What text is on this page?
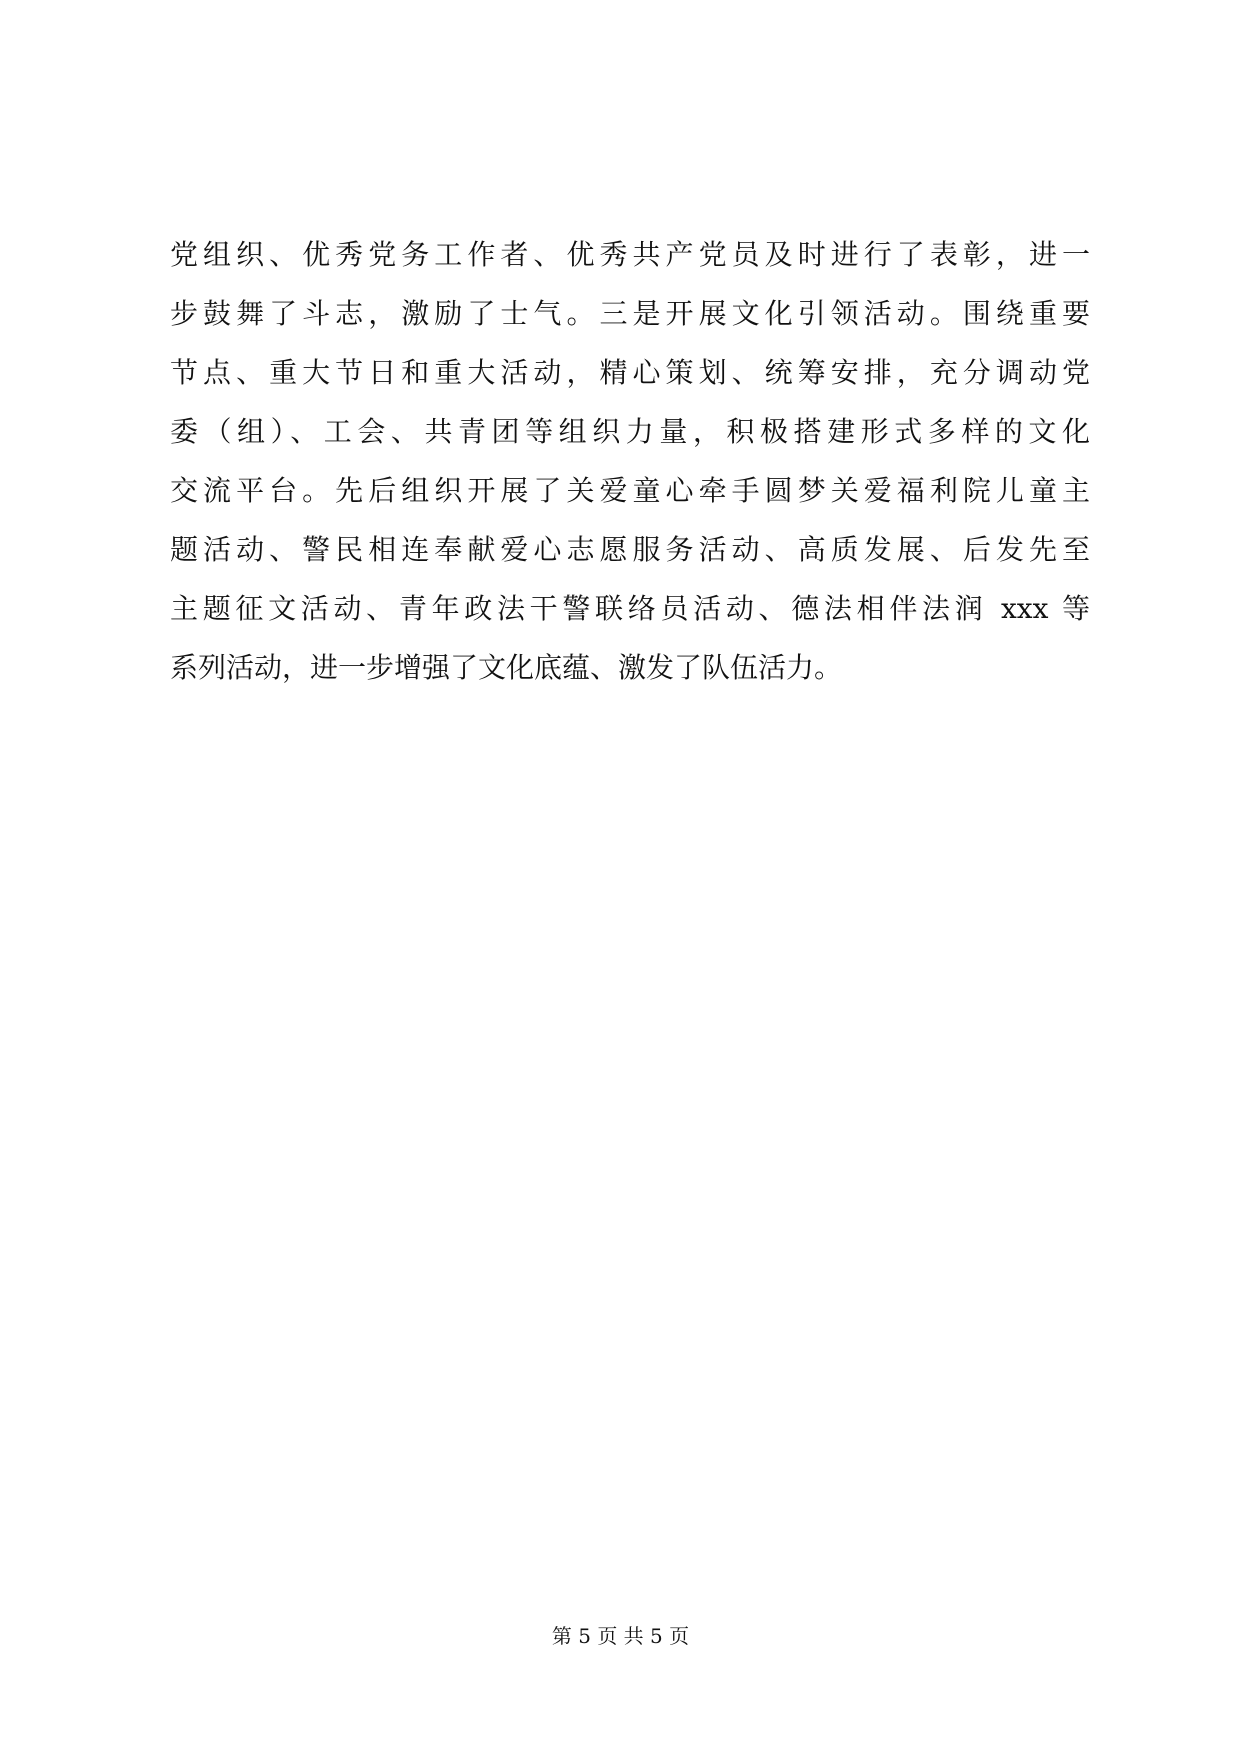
党组织、优秀党务工作者、优秀共产党员及时进行了表彰，进一
步鼓舞了斗志，激励了士气。三是开展文化引领活动。围绕重要
节点、重大节日和重大活动，精心策划、统筹安排，充分调动党
委（组）、工会、共青团等组织力量，积极搭建形式多样的文化
交流平台。先后组织开展了关爱童心牵手圆梦关爱福利院儿童主
题活动、警民相连奉献爱心志愿服务活动、高质发展、后发先至
主题征文活动、青年政法干警联络员活动、德法相伴法润 xxx 等
系列活动，进一步增强了文化底蕴、激发了队伍活力。
第 5 页 共 5 页
